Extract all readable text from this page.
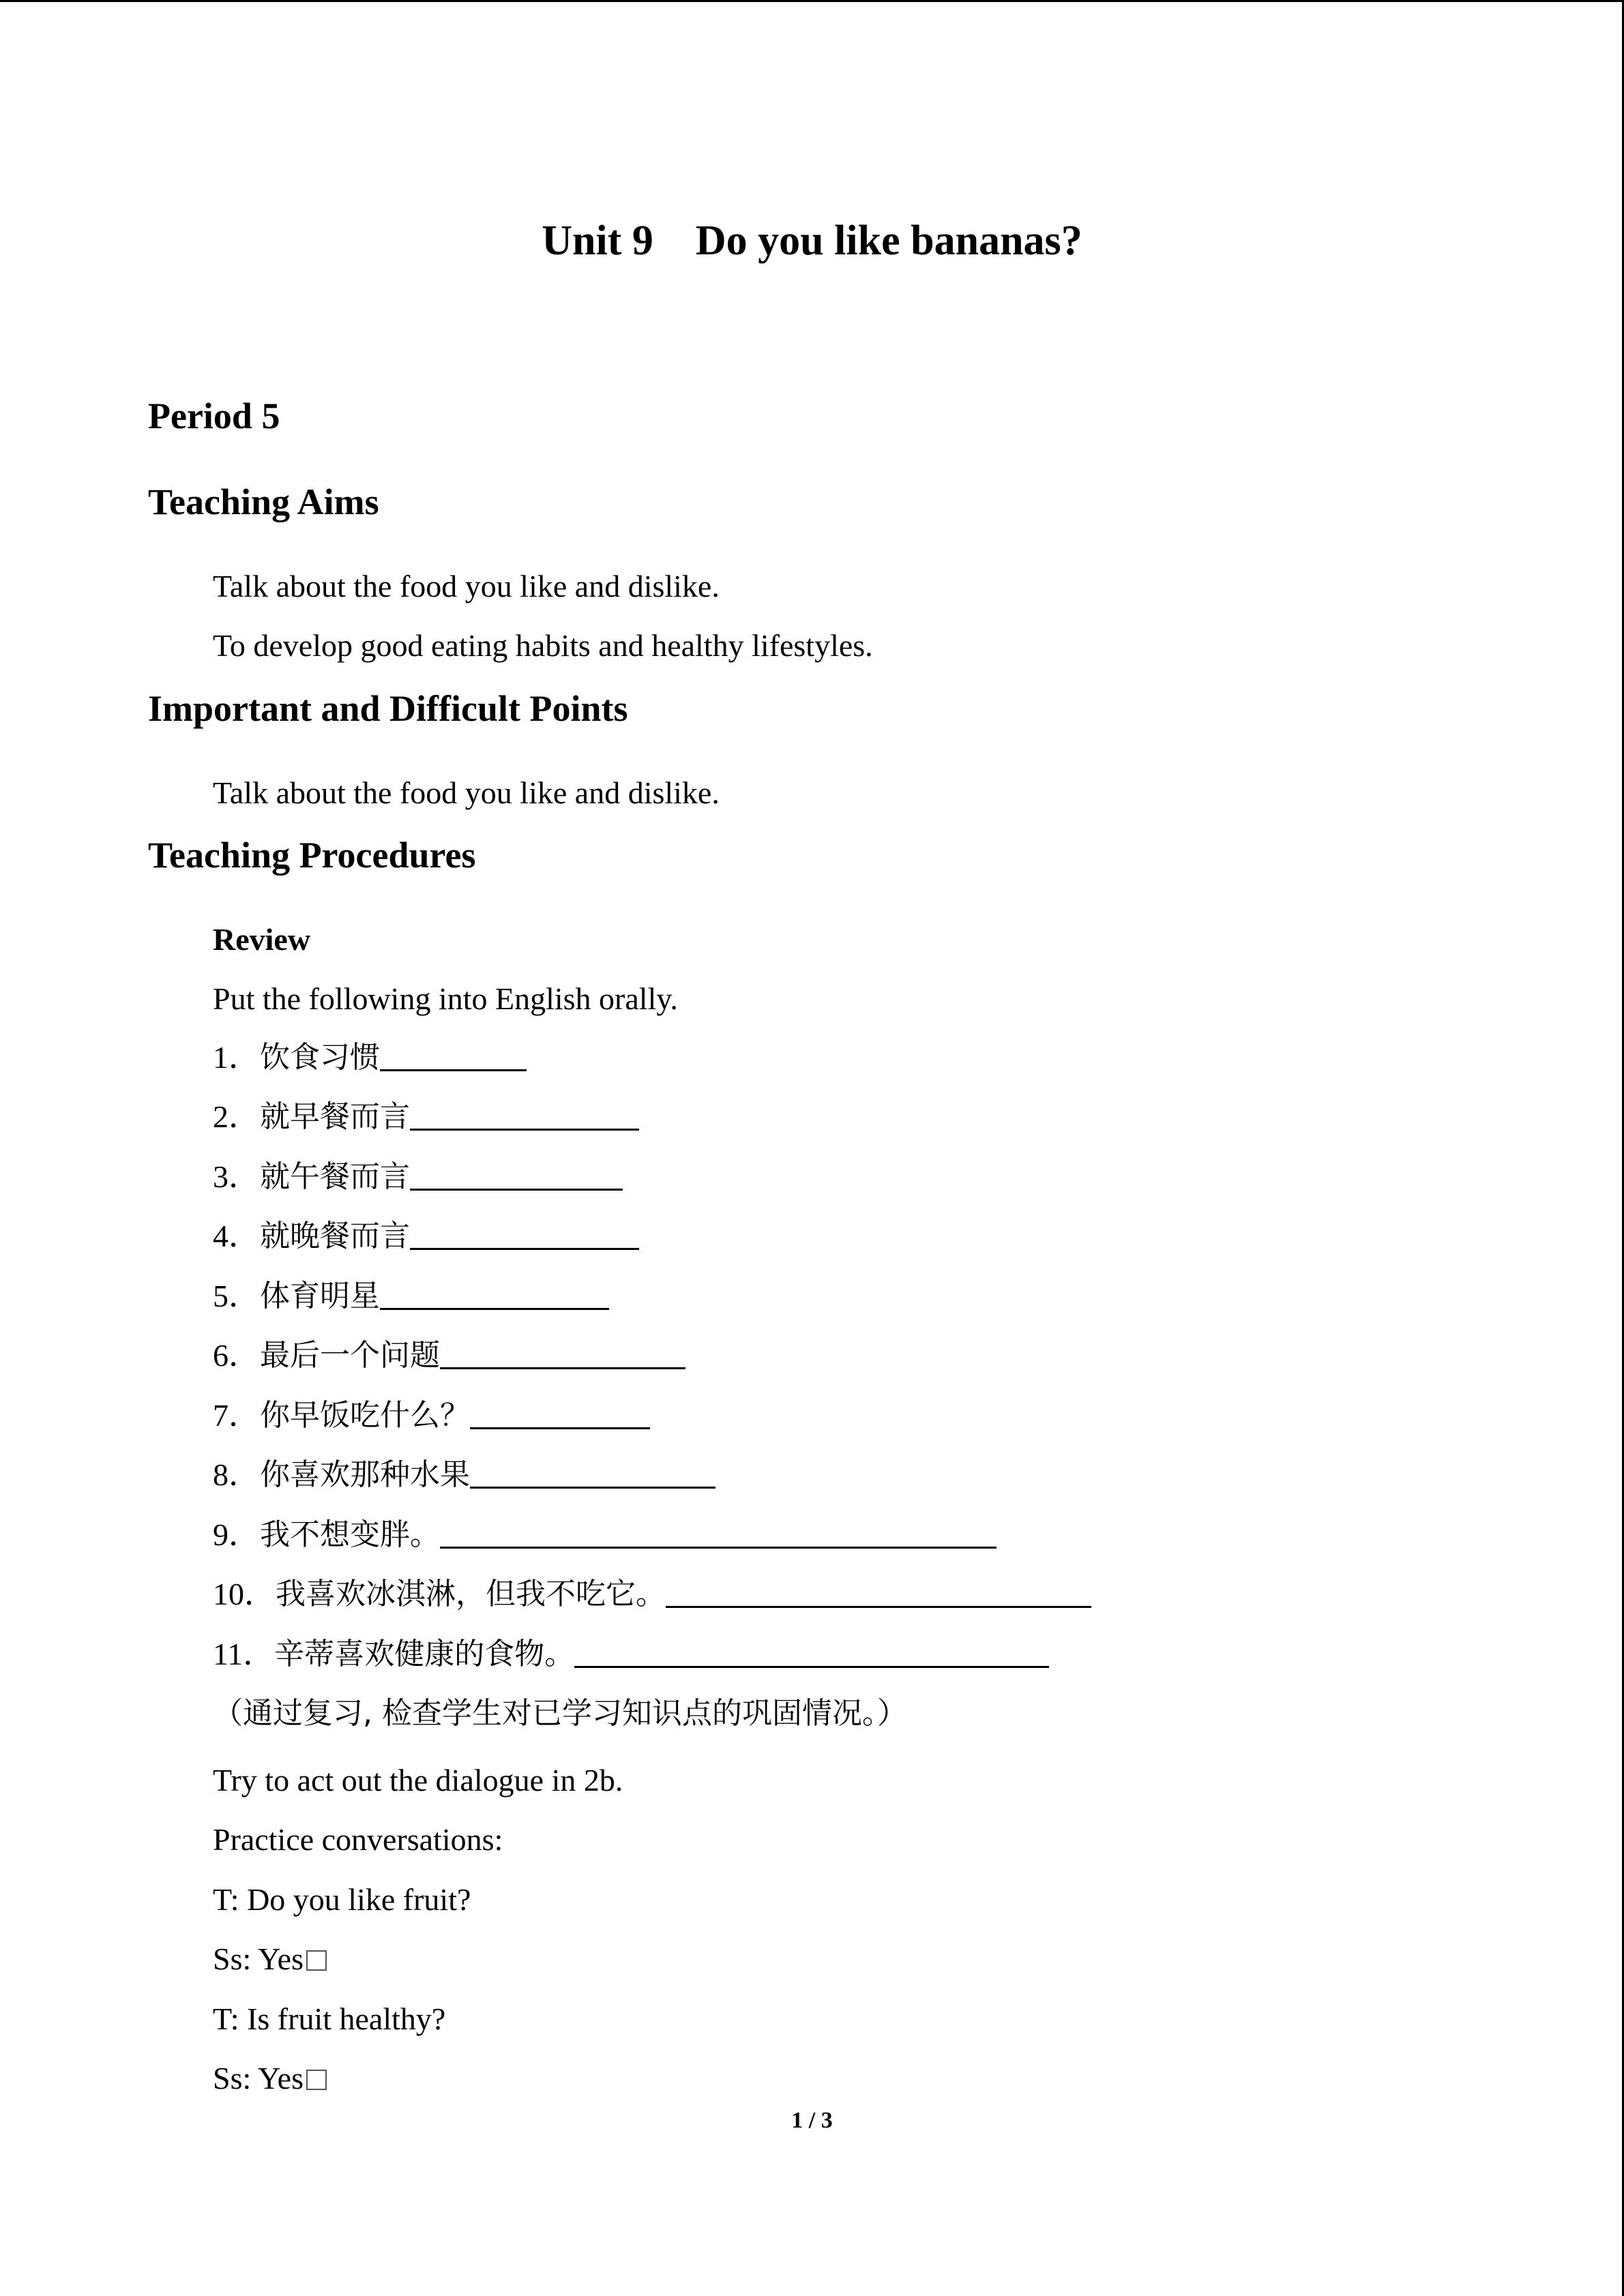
Unit 9    Do you like bananas?
Period 5
Teaching Aims
Talk about the food you like and dislike.
To develop good eating habits and healthy lifestyles.
Important and Difficult Points
Talk about the food you like and dislike.
Teaching Procedures
Review
Put the following into English orally.
1． 饮食习惯
2． 就早餐而言
3． 就午餐而言
4． 就晚餐而言
5． 体育明星
6． 最后一个问题
7． 你早饭吃什么？
8． 你喜欢那种水果
9． 我不想变胖。
10． 我喜欢冰淇淋，但我不吃它。
11． 辛蒂喜欢健康的食物。
（通过复习, 检查学生对已学习知识点的巩固情况。）
Try to act out the dialogue in 2b.
Practice conversations:
T: Do you like fruit?
Ss: Yes
T: Is fruit healthy?
Ss: Yes
1 / 3
